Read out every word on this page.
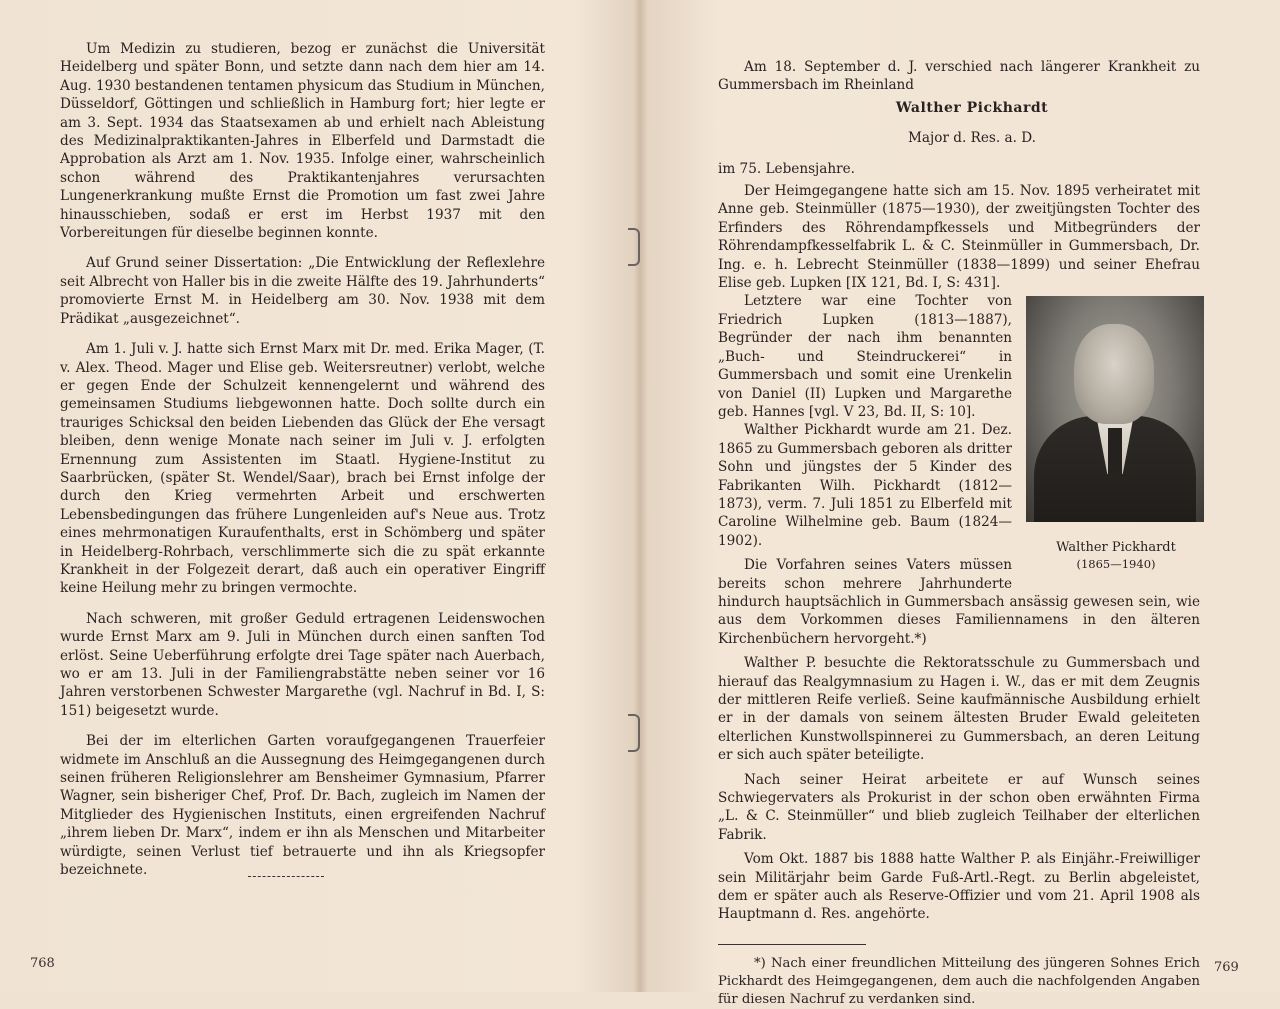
Um Medizin zu studieren, bezog er zunächst die Universität Heidelberg und später Bonn, und setzte dann nach dem hier am 14. Aug. 1930 bestandenen tentamen physicum das Studium in München, Düsseldorf, Göttingen und schließlich in Hamburg fort; hier legte er am 3. Sept. 1934 das Staatsexamen ab und erhielt nach Ableistung des Medizinalpraktikanten-Jahres in Elberfeld und Darmstadt die Approbation als Arzt am 1. Nov. 1935. Infolge einer, wahrscheinlich schon während des Praktikantenjahres verursachten Lungenerkrankung mußte Ernst die Promotion um fast zwei Jahre hinausschieben, sodaß er erst im Herbst 1937 mit den Vorbereitungen für dieselbe beginnen konnte.

Auf Grund seiner Dissertation: „Die Entwicklung der Reflexlehre seit Albrecht von Haller bis in die zweite Hälfte des 19. Jahrhunderts“ promovierte Ernst M. in Heidelberg am 30. Nov. 1938 mit dem Prädikat „ausgezeichnet“.

Am 1. Juli v. J. hatte sich Ernst Marx mit Dr. med. Erika Mager, (T. v. Alex. Theod. Mager und Elise geb. Weitersreutner) verlobt, welche er gegen Ende der Schulzeit kennengelernt und während des gemeinsamen Studiums liebgewonnen hatte. Doch sollte durch ein trauriges Schicksal den beiden Liebenden das Glück der Ehe versagt bleiben, denn wenige Monate nach seiner im Juli v. J. erfolgten Ernennung zum Assistenten im Staatl. Hygiene-Institut zu Saarbrücken, (später St. Wendel/Saar), brach bei Ernst infolge der durch den Krieg vermehrten Arbeit und erschwerten Lebensbedingungen das frühere Lungenleiden auf's Neue aus. Trotz eines mehrmonatigen Kuraufenthalts, erst in Schömberg und später in Heidelberg-Rohrbach, verschlimmerte sich die zu spät erkannte Krankheit in der Folgezeit derart, daß auch ein operativer Eingriff keine Heilung mehr zu bringen vermochte.

Nach schweren, mit großer Geduld ertragenen Leidenswochen wurde Ernst Marx am 9. Juli in München durch einen sanften Tod erlöst. Seine Ueberführung erfolgte drei Tage später nach Auerbach, wo er am 13. Juli in der Familiengrabstätte neben seiner vor 16 Jahren verstorbenen Schwester Margarethe (vgl. Nachruf in Bd. I, S: 151) beigesetzt wurde.

Bei der im elterlichen Garten voraufgegangenen Trauerfeier widmete im Anschluß an die Aussegnung des Heimgegangenen durch seinen früheren Religionslehrer am Bensheimer Gymnasium, Pfarrer Wagner, sein bisheriger Chef, Prof. Dr. Bach, zugleich im Namen der Mitglieder des Hygienischen Instituts, einen ergreifenden Nachruf „ihrem lieben Dr. Marx“, indem er ihn als Menschen und Mitarbeiter würdigte, seinen Verlust tief betrauerte und ihn als Kriegsopfer bezeichnete.

768

Am 18. September d. J. verschied nach längerer Krankheit zu Gummersbach im Rheinland

Walther Pickhardt

Major d. Res. a. D.

im 75. Lebensjahre.

Der Heimgegangene hatte sich am 15. Nov. 1895 verheiratet mit Anne geb. Steinmüller (1875—1930), der zweitjüngsten Tochter des Erfinders des Röhrendampfkessels und Mitbegründers der Röhrendampfkesselfabrik L. & C. Steinmüller in Gummersbach, Dr. Ing. e. h. Lebrecht Steinmüller (1838—1899) und seiner Ehefrau Elise geb. Lupken [IX 121, Bd. I, S: 431].

Walther Pickhardt
(1865—1940)

Letztere war eine Tochter von Friedrich Lupken (1813—1887), Begründer der nach ihm benannten „Buch- und Steindruckerei“ in Gummersbach und somit eine Urenkelin von Daniel (II) Lupken und Margarethe geb. Hannes [vgl. V 23, Bd. II, S: 10].

Walther Pickhardt wurde am 21. Dez. 1865 zu Gummersbach geboren als dritter Sohn und jüngstes der 5 Kinder des Fabrikanten Wilh. Pickhardt (1812—1873), verm. 7. Juli 1851 zu Elberfeld mit Caroline Wilhelmine geb. Baum (1824—1902).

Die Vorfahren seines Vaters müssen bereits schon mehrere Jahrhunderte hindurch hauptsächlich in Gummersbach ansässig gewesen sein, wie aus dem Vorkommen dieses Familiennamens in den älteren Kirchenbüchern hervorgeht.*)

Walther P. besuchte die Rektoratsschule zu Gummersbach und hierauf das Realgymnasium zu Hagen i. W., das er mit dem Zeugnis der mittleren Reife verließ. Seine kaufmännische Ausbildung erhielt er in der damals von seinem ältesten Bruder Ewald geleiteten elterlichen Kunstwollspinnerei zu Gummersbach, an deren Leitung er sich auch später beteiligte.

Nach seiner Heirat arbeitete er auf Wunsch seines Schwiegervaters als Prokurist in der schon oben erwähnten Firma „L. & C. Steinmüller“ und blieb zugleich Teilhaber der elterlichen Fabrik.

Vom Okt. 1887 bis 1888 hatte Walther P. als Einjähr.-Freiwilliger sein Militärjahr beim Garde Fuß-Artl.-Regt. zu Berlin abgeleistet, dem er später auch als Reserve-Offizier und vom 21. April 1908 als Hauptmann d. Res. angehörte.

*) Nach einer freundlichen Mitteilung des jüngeren Sohnes Erich Pickhardt des Heimgegangenen, dem auch die nachfolgenden Angaben für diesen Nachruf zu verdanken sind.

769
